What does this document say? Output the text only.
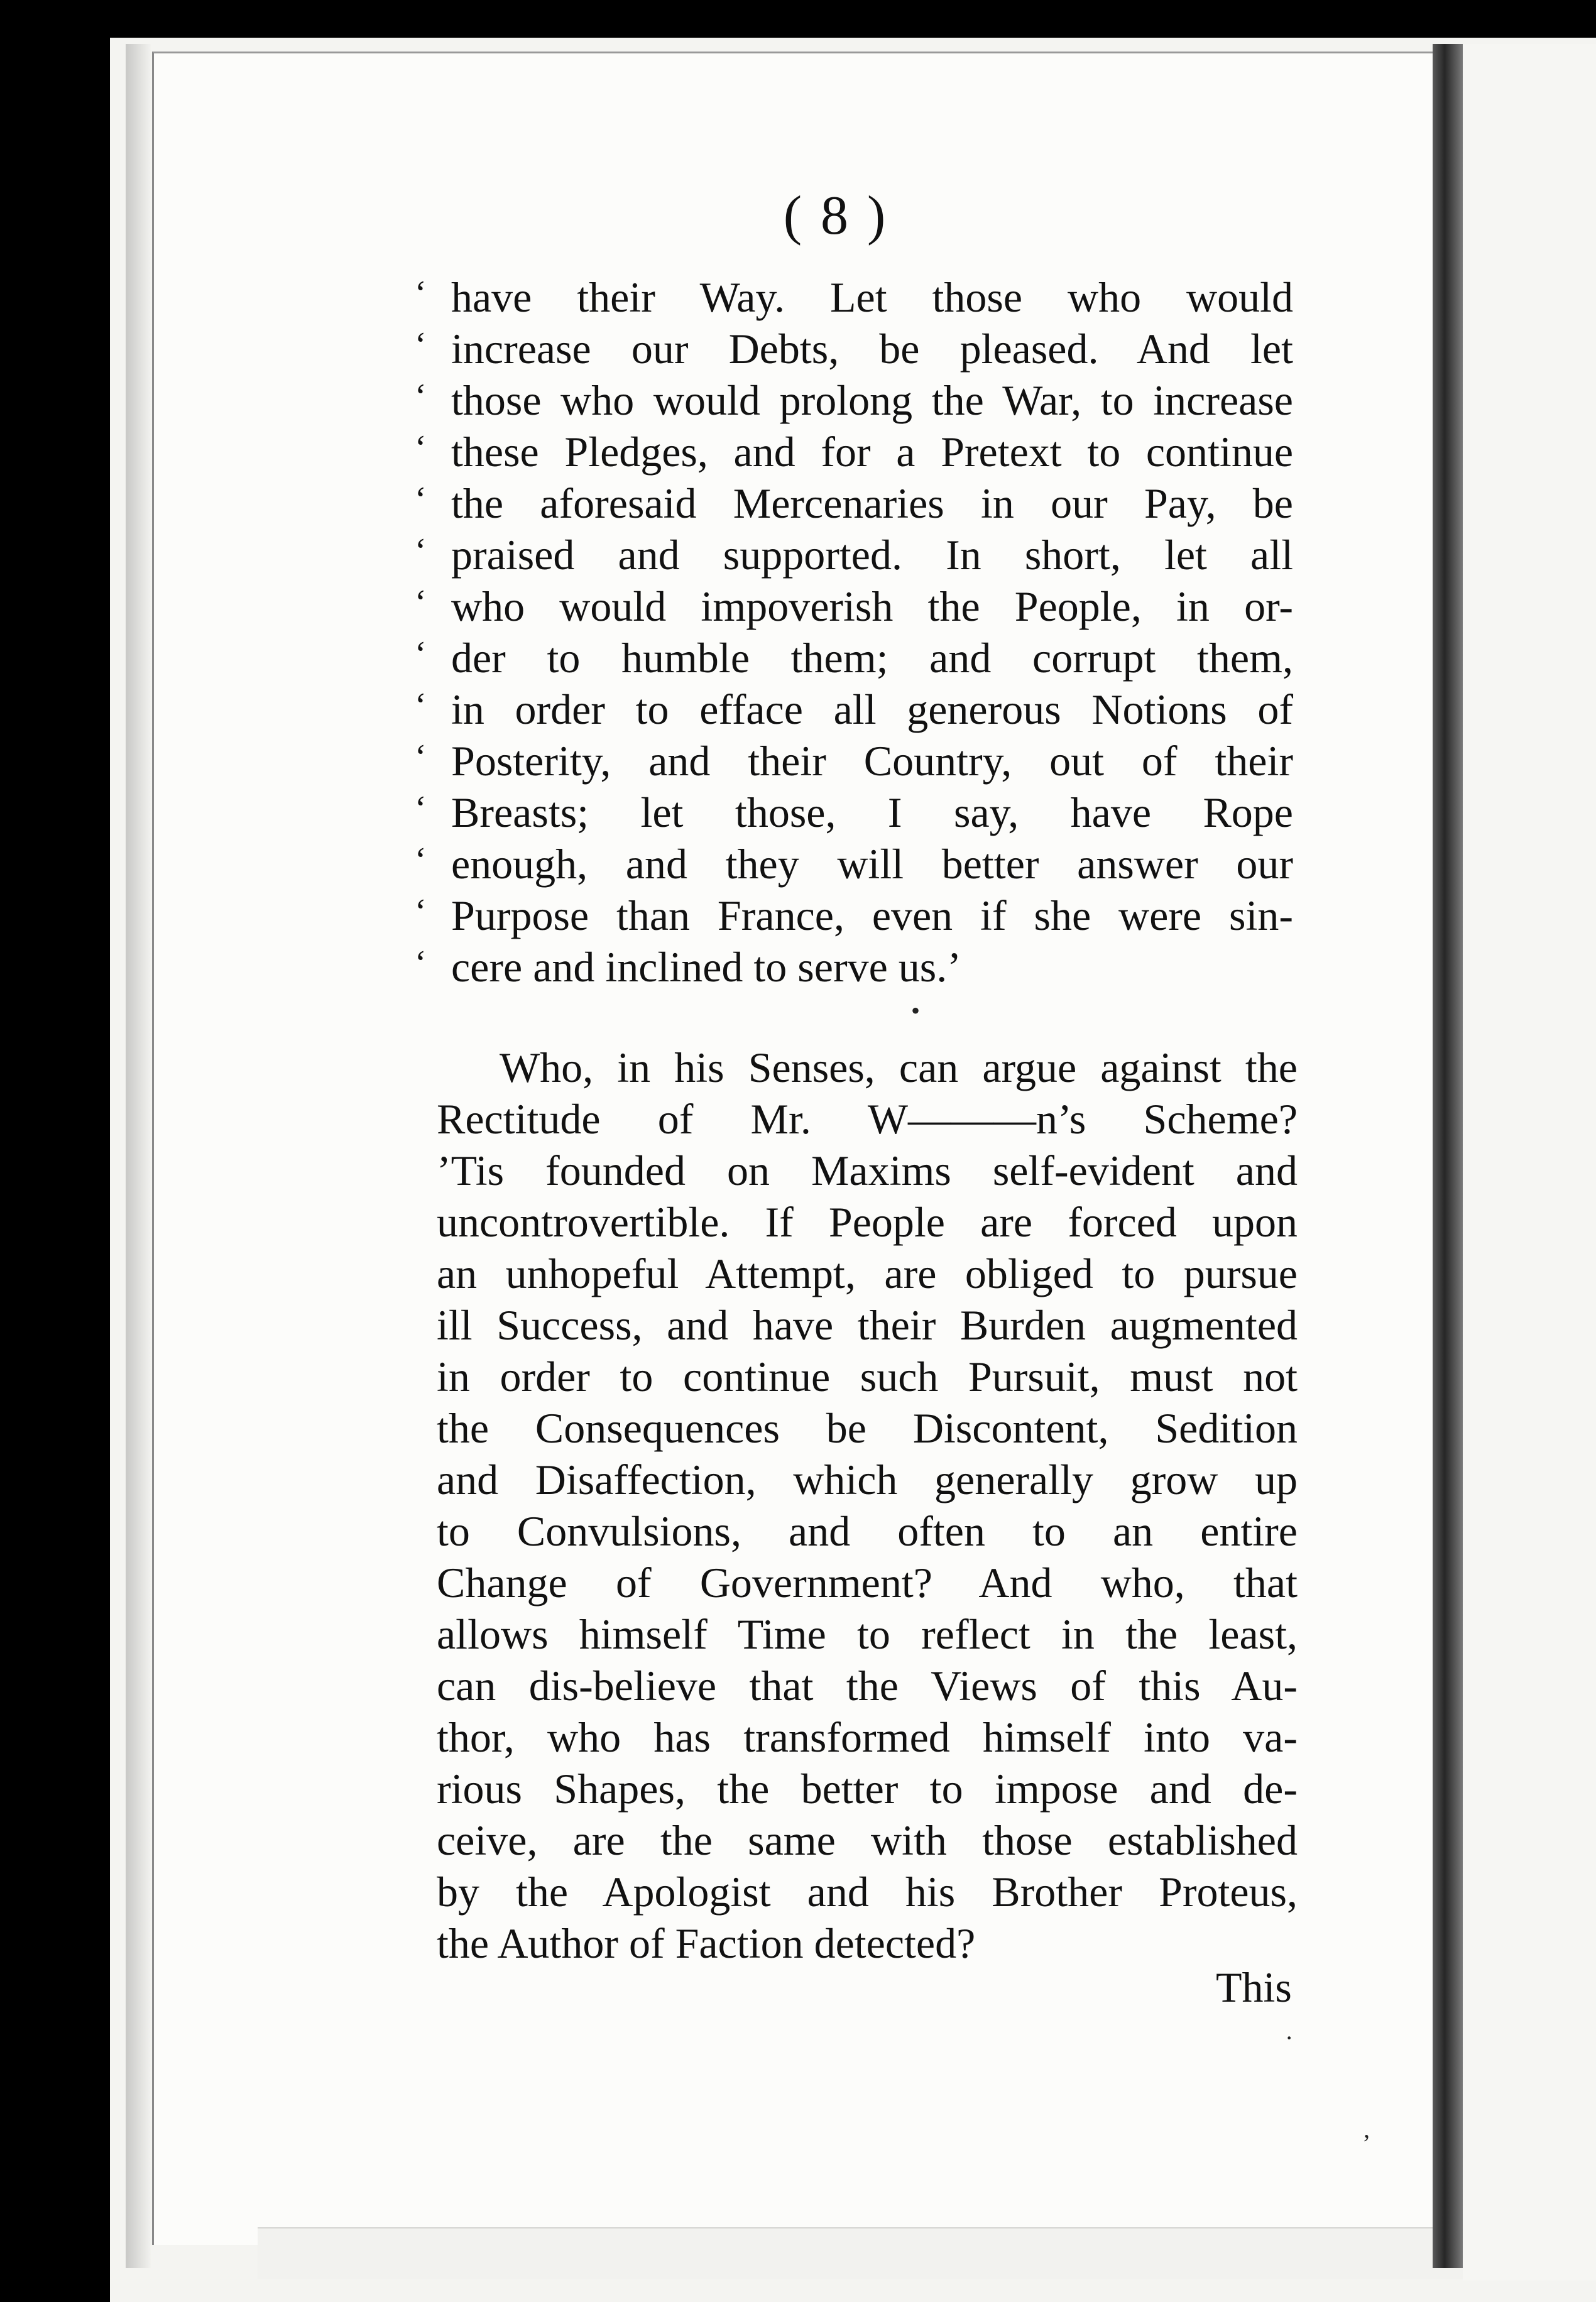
( 8 )
‘ have their Way. Let those who would
‘ increase our Debts, be pleased. And let
‘ those who would prolong the War, to increase
‘ these Pledges, and for a Pretext to continue
‘ the aforesaid Mercenaries in our Pay, be
‘ praised and supported. In short, let all
‘ who would impoverish the People, in or-
‘ der to humble them; and corrupt them,
‘ in order to efface all generous Notions of
‘ Posterity, and their Country, out of their
‘ Breasts; let those, I say, have Rope
‘ enough, and they will better answer our
‘ Purpose than France, even if she were sin-
‘ cere and inclined to serve us.’
•
Who, in his Senses, can argue against the
Rectitude of Mr. W———n’s Scheme?
’Tis founded on Maxims self-evident and
uncontrovertible. If People are forced upon
an unhopeful Attempt, are obliged to pursue
ill Success, and have their Burden augmented
in order to continue such Pursuit, must not
the Consequences be Discontent, Sedition
and Disaffection, which generally grow up
to Convulsions, and often to an entire
Change of Government? And who, that
allows himself Time to reflect in the least,
can dis-believe that the Views of this Au-
thor, who has transformed himself into va-
rious Shapes, the better to impose and de-
ceive, are the same with those established
by the Apologist and his Brother Proteus,
the Author of Faction detected?
This
·
,
